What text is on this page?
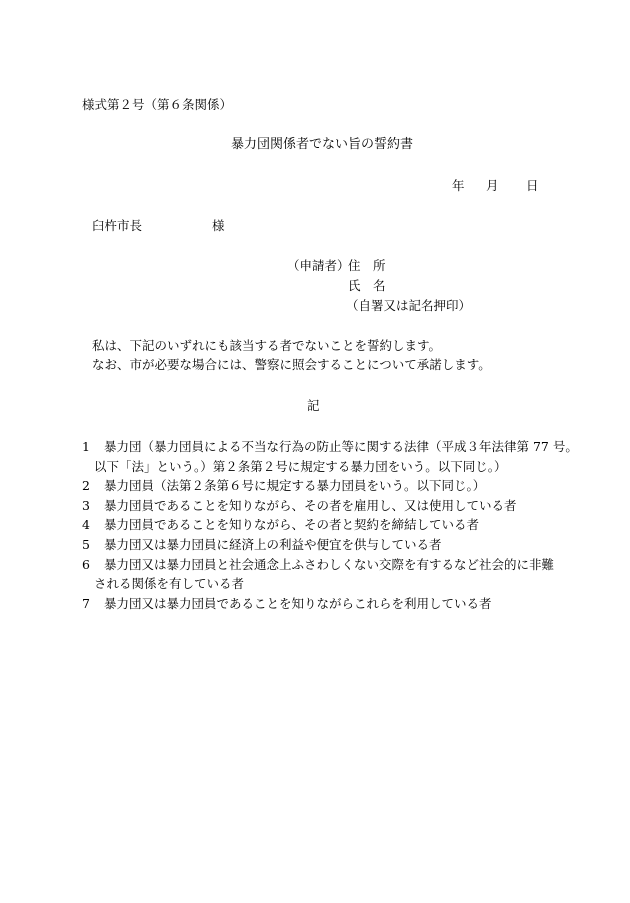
様式第２号（第６条関係）
暴力団関係者でない旨の誓約書
年 月 日
臼杵市長	様
（申請者）
住　所
氏　名
（自署又は記名押印）
私は、下記のいずれにも該当する者でないことを誓約します。
なお、市が必要な場合には、警察に照会することについて承諾します。
記
1 暴力団（暴力団員による不当な行為の防止等に関する法律（平成３年法律第 77 号。
以下「法」という。）第２条第２号に規定する暴力団をいう。以下同じ。）
2 暴力団員（法第２条第６号に規定する暴力団員をいう。以下同じ。）
3 暴力団員であることを知りながら、その者を雇用し、又は使用している者
4 暴力団員であることを知りながら、その者と契約を締結している者
5 暴力団又は暴力団員に経済上の利益や便宜を供与している者
6 暴力団又は暴力団員と社会通念上ふさわしくない交際を有するなど社会的に非難
される関係を有している者
7 暴力団又は暴力団員であることを知りながらこれらを利用している者
